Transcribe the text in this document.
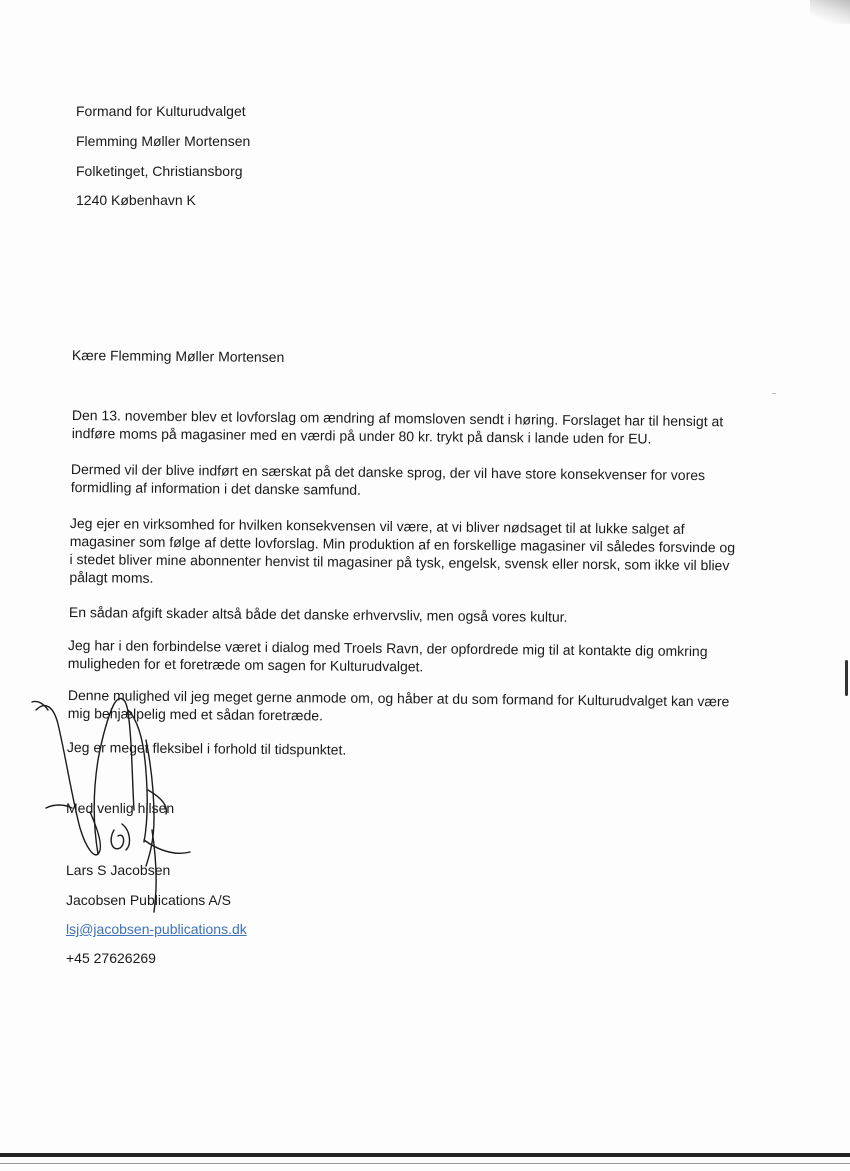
Formand for Kulturudvalget
Flemming Møller Mortensen
Folketinget, Christiansborg
1240 København K
Kære Flemming Møller Mortensen
Den 13. november blev et lovforslag om ændring af momsloven sendt i høring. Forslaget har til hensigt at
indføre moms på magasiner med en værdi på under 80 kr. trykt på dansk i lande uden for EU.
Dermed vil der blive indført en særskat på det danske sprog, der vil have store konsekvenser for vores
formidling af information i det danske samfund.
Jeg ejer en virksomhed for hvilken konsekvensen vil være, at vi bliver nødsaget til at lukke salget af
magasiner som følge af dette lovforslag. Min produktion af en forskellige magasiner vil således forsvinde og
i stedet bliver mine abonnenter henvist til magasiner på tysk, engelsk, svensk eller norsk, som ikke vil bliev
pålagt moms.
En sådan afgift skader altså både det danske erhvervsliv, men også vores kultur.
Jeg har i den forbindelse været i dialog med Troels Ravn, der opfordrede mig til at kontakte dig omkring
muligheden for et foretræde om sagen for Kulturudvalget.
Denne mulighed vil jeg meget gerne anmode om, og håber at du som formand for Kulturudvalget kan være
mig behjælpelig med et sådan foretræde.
Jeg er meget fleksibel i forhold til tidspunktet.
Med venlig hilsen
Lars S Jacobsen
Jacobsen Publications A/S
lsj@jacobsen-publications.dk
+45 27626269
